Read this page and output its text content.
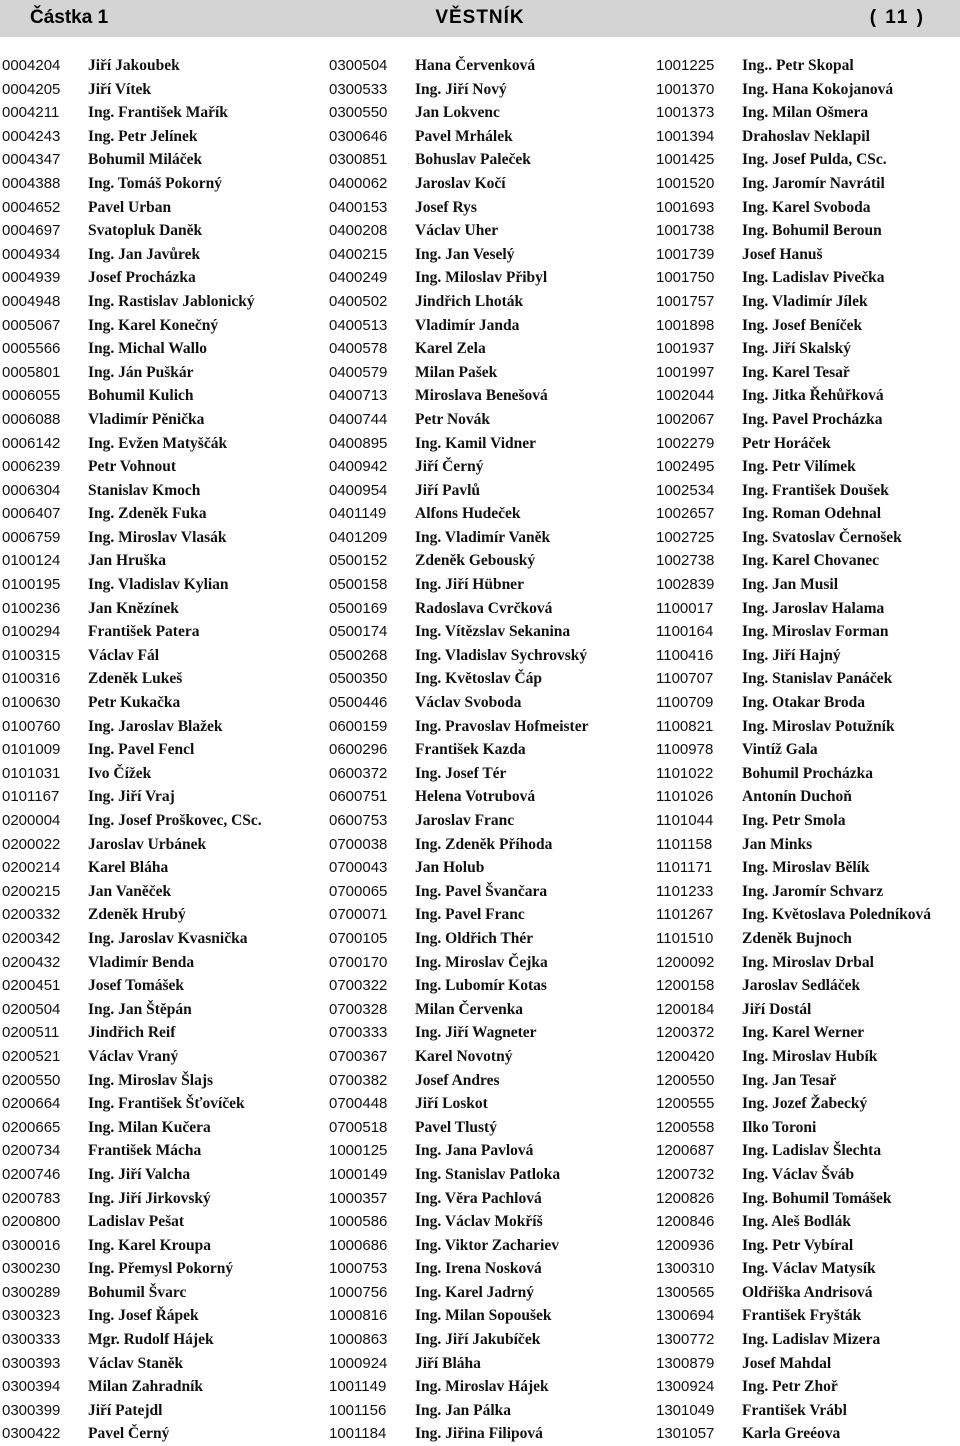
Částka 1	VĚSTNÍK	( 11 )
0004204 Jiří Jakoubek
0004205 Jiří Vítek
0004211 Ing. František Mařík
0004243 Ing. Petr Jelínek
0004347 Bohumil Miláček
0004388 Ing. Tomáš Pokorný
0004652 Pavel Urban
0004697 Svatopluk Daněk
0004934 Ing. Jan Javůrek
0004939 Josef Procházka
0004948 Ing. Rastislav Jablonický
0005067 Ing. Karel Konečný
0005566 Ing. Michal Wallo
0005801 Ing. Ján Puškár
0006055 Bohumil Kulich
0006088 Vladimír Pěnička
0006142 Ing. Evžen Matyščák
0006239 Petr Vohnout
0006304 Stanislav Kmoch
0006407 Ing. Zdeněk Fuka
0006759 Ing. Miroslav Vlasák
0100124 Jan Hruška
0100195 Ing. Vladislav Kylian
0100236 Jan Knězínek
0100294 František Patera
0100315 Václav Fál
0100316 Zdeněk Lukeš
0100630 Petr Kukačka
0100760 Ing. Jaroslav Blažek
0101009 Ing. Pavel Fencl
0101031 Ivo Čížek
0101167 Ing. Jiří Vraj
0200004 Ing. Josef Proškovec, CSc.
0200022 Jaroslav Urbánek
0200214 Karel Bláha
0200215 Jan Vaněček
0200332 Zdeněk Hrubý
0200342 Ing. Jaroslav Kvasnička
0200432 Vladimír Benda
0200451 Josef Tomášek
0200504 Ing. Jan Štěpán
0200511 Jindřich Reif
0200521 Václav Vraný
0200550 Ing. Miroslav Šlajs
0200664 Ing. František Šťovíček
0200665 Ing. Milan Kučera
0200734 František Mácha
0200746 Ing. Jiří Valcha
0200783 Ing. Jiří Jirkovský
0200800 Ladislav Pešat
0300016 Ing. Karel Kroupa
0300230 Ing. Přemysl Pokorný
0300289 Bohumil Švarc
0300323 Ing. Josef Řápek
0300333 Mgr. Rudolf Hájek
0300393 Václav Staněk
0300394 Milan Zahradník
0300399 Jiří Patejdl
0300422 Pavel Černý
0300504 Hana Červenková
0300533 Ing. Jiří Nový
0300550 Jan Lokvenc
0300646 Pavel Mrhálek
0300851 Bohuslav Paleček
0400062 Jaroslav Kočí
0400153 Josef Rys
0400208 Václav Uher
0400215 Ing. Jan Veselý
0400249 Ing. Miloslav Přibyl
0400502 Jindřich Lhoták
0400513 Vladimír Janda
0400578 Karel Zela
0400579 Milan Pašek
0400713 Miroslava Benešová
0400744 Petr Novák
0400895 Ing. Kamil Vidner
0400942 Jiří Černý
0400954 Jiří Pavlů
0401149 Alfons Hudeček
0401209 Ing. Vladimír Vaněk
0500152 Zdeněk Gebouský
0500158 Ing. Jiří Hübner
0500169 Radoslava Cvrčková
0500174 Ing. Vítězslav Sekanina
0500268 Ing. Vladislav Sychrovský
0500350 Ing. Květoslav Čáp
0500446 Václav Svoboda
0600159 Ing. Pravoslav Hofmeister
0600296 František Kazda
0600372 Ing. Josef Tér
0600751 Helena Votrubová
0600753 Jaroslav Franc
0700038 Ing. Zdeněk Příhoda
0700043 Jan Holub
0700065 Ing. Pavel Švančara
0700071 Ing. Pavel Franc
0700105 Ing. Oldřich Thér
0700170 Ing. Miroslav Čejka
0700322 Ing. Lubomír Kotas
0700328 Milan Červenka
0700333 Ing. Jiří Wagneter
0700367 Karel Novotný
0700382 Josef Andres
0700448 Jiří Loskot
0700518 Pavel Tlustý
1000125 Ing. Jana Pavlová
1000149 Ing. Stanislav Patloka
1000357 Ing. Věra Pachlová
1000586 Ing. Václav Mokříš
1000686 Ing. Viktor Zachariev
1000753 Ing. Irena Nosková
1000756 Ing. Karel Jadrný
1000816 Ing. Milan Sopoušek
1000863 Ing. Jiří Jakubíček
1000924 Jiří Bláha
1001149 Ing. Miroslav Hájek
1001156 Ing. Jan Pálka
1001184 Ing. Jiřina Filipová
1001225 Ing.. Petr Skopal
1001370 Ing. Hana Kokojanová
1001373 Ing. Milan Ošmera
1001394 Drahoslav Neklapil
1001425 Ing. Josef Pulda, CSc.
1001520 Ing. Jaromír Navrátil
1001693 Ing. Karel Svoboda
1001738 Ing. Bohumil Beroun
1001739 Josef Hanuš
1001750 Ing. Ladislav Pivečka
1001757 Ing. Vladimír Jílek
1001898 Ing. Josef Beníček
1001937 Ing. Jiří Skalský
1001997 Ing. Karel Tesař
1002044 Ing. Jitka Řehůřková
1002067 Ing. Pavel Procházka
1002279 Petr Horáček
1002495 Ing. Petr Vilímek
1002534 Ing. František Doušek
1002657 Ing. Roman Odehnal
1002725 Ing. Svatoslav Černošek
1002738 Ing. Karel Chovanec
1002839 Ing. Jan Musil
1100017 Ing. Jaroslav Halama
1100164 Ing. Miroslav Forman
1100416 Ing. Jiří Hajný
1100707 Ing. Stanislav Panáček
1100709 Ing. Otakar Broda
1100821 Ing. Miroslav Potužník
1100978 Vintíž Gala
1101022 Bohumil Procházka
1101026 Antonín Duchoň
1101044 Ing. Petr Smola
1101158 Jan Minks
1101171 Ing. Miroslav Bělík
1101233 Ing. Jaromír Schvarz
1101267 Ing. Květoslava Poledníková
1101510 Zdeněk Bujnoch
1200092 Ing. Miroslav Drbal
1200158 Jaroslav Sedláček
1200184 Jiří Dostál
1200372 Ing. Karel Werner
1200420 Ing. Miroslav Hubík
1200550 Ing. Jan Tesař
1200555 Ing. Jozef Žabecký
1200558 Ilko Toroni
1200687 Ing. Ladislav Šlechta
1200732 Ing. Václav Šváb
1200826 Ing. Bohumil Tomášek
1200846 Ing. Aleš Bodlák
1200936 Ing. Petr Vybíral
1300310 Ing. Václav Matysík
1300565 Oldřiška Andrisová
1300694 František Fryšták
1300772 Ing. Ladislav Mizera
1300879 Josef Mahdal
1300924 Ing. Petr Zhoř
1301049 František Vrábl
1301057 Karla Greéova
